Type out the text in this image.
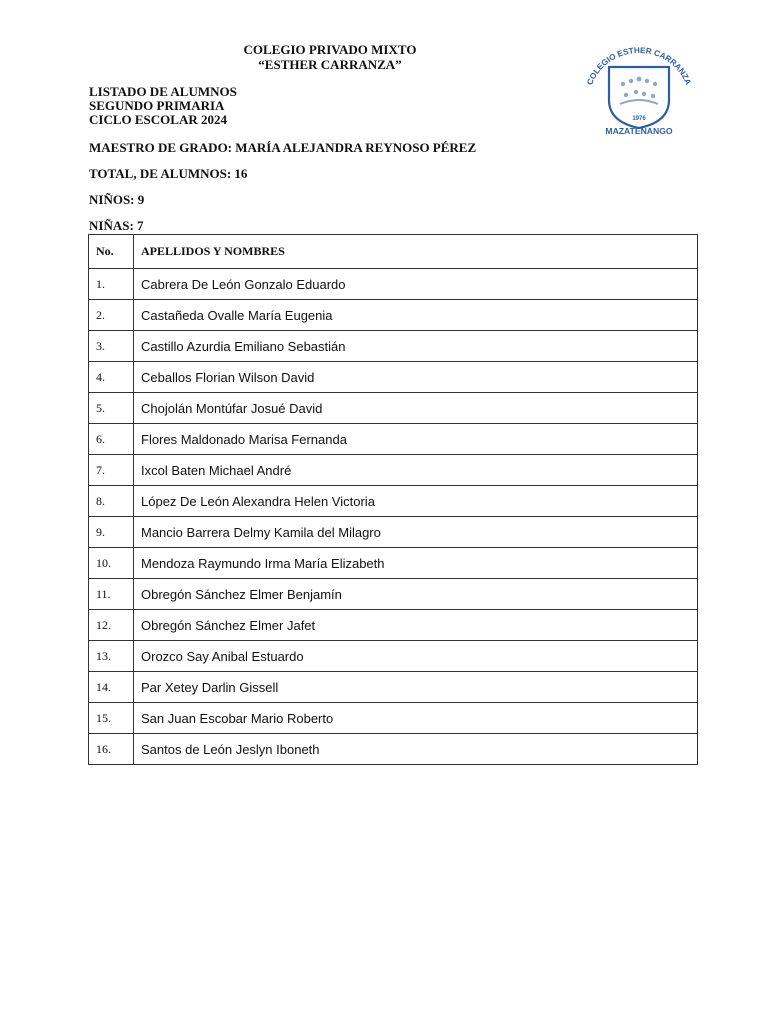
COLEGIO PRIVADO MIXTO
“ESTHER CARRANZA”
COLEGIO ESTHER CARRANZA
1976
MAZATENANGO
LISTADO DE ALUMNOS
SEGUNDO PRIMARIA
CICLO ESCOLAR 2024
MAESTRO DE GRADO: MARÍA ALEJANDRA REYNOSO PÉREZ
TOTAL, DE ALUMNOS: 16
NIÑOS: 9
NIÑAS: 7
No.	APELLIDOS Y NOMBRES
1.	Cabrera De León Gonzalo Eduardo
2.	Castañeda Ovalle María Eugenia
3.	Castillo Azurdia Emiliano Sebastián
4.	Ceballos Florian Wilson David
5.	Chojolán Montúfar Josué David
6.	Flores Maldonado Marisa Fernanda
7.	Ixcol Baten Michael André
8.	López De León Alexandra Helen Victoria
9.	Mancio Barrera Delmy Kamila del Milagro
10.	Mendoza Raymundo Irma María Elizabeth
11.	Obregón Sánchez Elmer Benjamín
12.	Obregón Sánchez Elmer Jafet
13.	Orozco Say Anibal Estuardo
14.	Par Xetey Darlin Gissell
15.	San Juan Escobar Mario Roberto
16.	Santos de León Jeslyn Iboneth
